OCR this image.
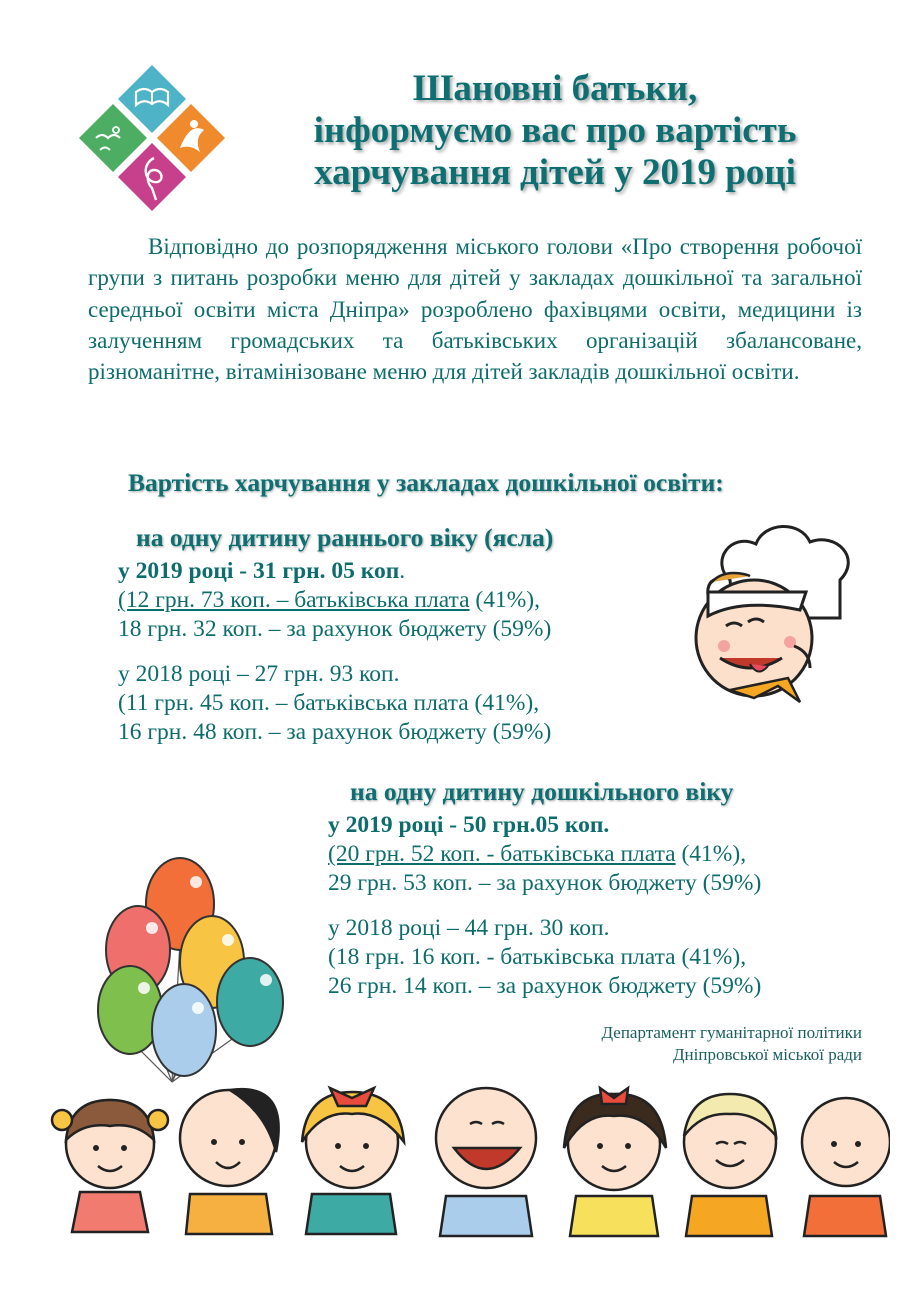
Шановні батьки,
інформуємо вас про вартість
харчування дітей у 2019 році
Відповідно до розпорядження міського голови «Про створення робочої групи з питань розробки меню для дітей у закладах дошкільної та загальної середньої освіти міста Дніпра» розроблено фахівцями освіти, медицини із залученням громадських та батьківських організацій збалансоване, різноманітне, вітамінізоване меню для дітей закладів дошкільної освіти.
Вартість харчування у закладах дошкільної освіти:
на одну дитину раннього віку (ясла)
у 2019 році - 31 грн. 05 коп.
(12 грн. 73 коп. – батьківська плата (41%),
18 грн. 32 коп. – за рахунок бюджету (59%)
у 2018 році – 27 грн. 93 коп.
(11 грн. 45 коп. – батьківська плата (41%),
16 грн. 48 коп. – за рахунок бюджету (59%)
на одну дитину дошкільного віку
у 2019 році - 50 грн.05 коп.
(20 грн. 52 коп. - батьківська плата (41%),
29 грн. 53 коп. – за рахунок бюджету (59%)
у 2018 році – 44 грн. 30 коп.
(18 грн. 16 коп. - батьківська плата (41%),
26 грн. 14 коп. – за рахунок бюджету (59%)
Департамент гуманітарної політики
Дніпровської міської ради
